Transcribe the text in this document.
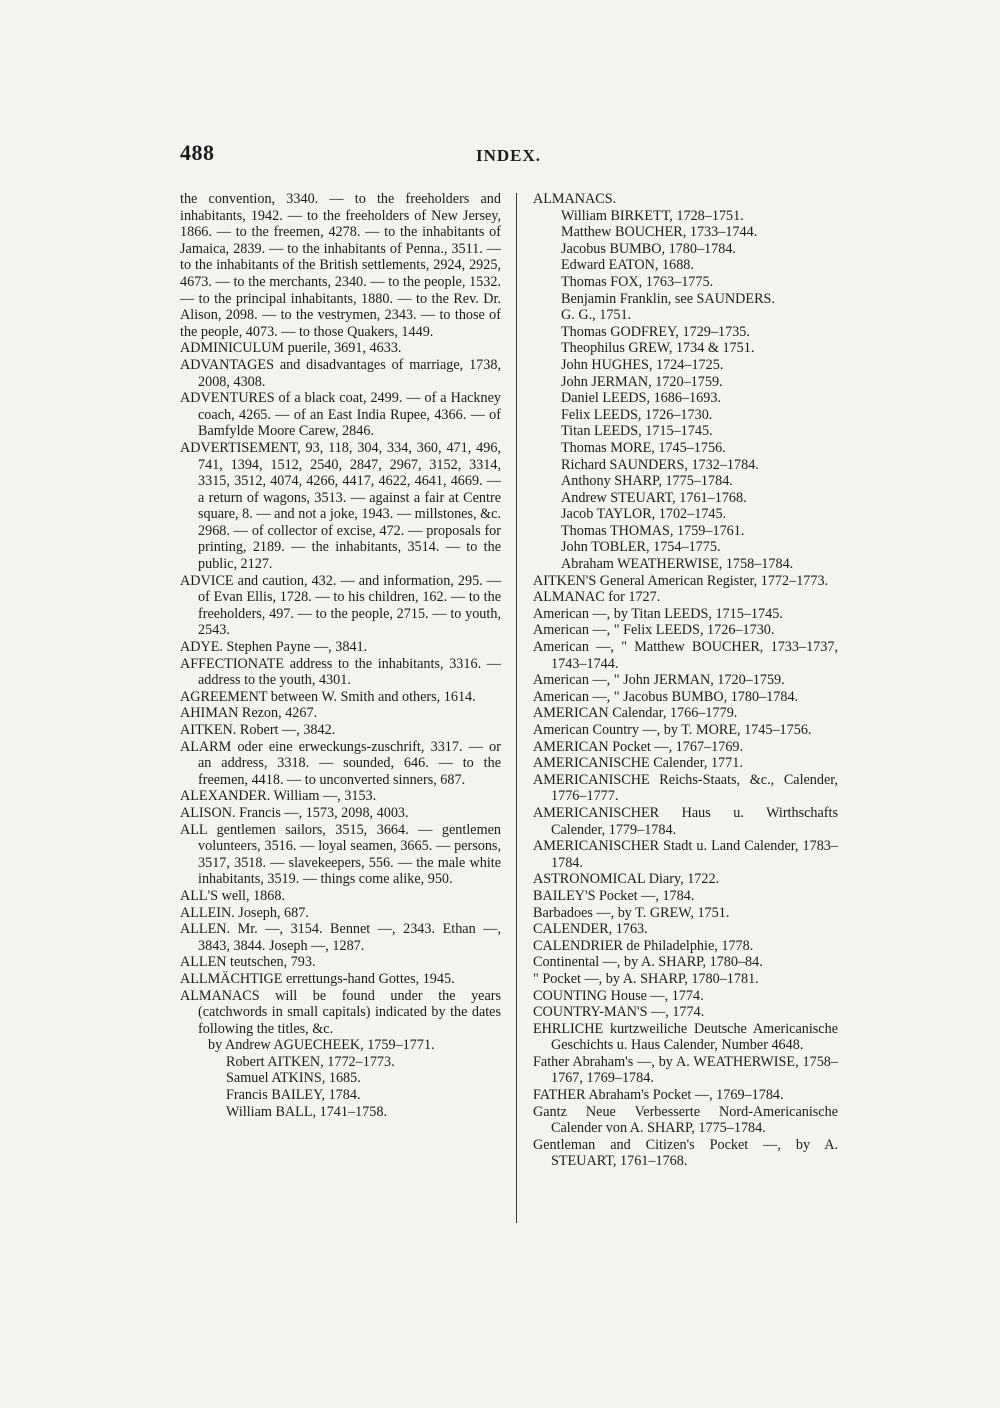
488	INDEX.

the convention, 3340. — to the freeholders and inhabitants, 1942. — to the freeholders of New Jersey, 1866. — to the freemen, 4278. — to the inhabitants of Jamaica, 2839. — to the inhabitants of Penna., 3511. — to the inhabitants of the British settlements, 2924, 2925, 4673. — to the merchants, 2340. — to the people, 1532. — to the principal inhabitants, 1880. — to the Rev. Dr. Alison, 2098. — to the vestrymen, 2343. — to those of the people, 4073. — to those Quakers, 1449.

ADMINICULUM puerile, 3691, 4633.

ADVANTAGES and disadvantages of marriage, 1738, 2008, 4308.

ADVENTURES of a black coat, 2499. — of a Hackney coach, 4265. — of an East India Rupee, 4366. — of Bamfylde Moore Carew, 2846.

ADVERTISEMENT, 93, 118, 304, 334, 360, 471, 496, 741, 1394, 1512, 2540, 2847, 2967, 3152, 3314, 3315, 3512, 4074, 4266, 4417, 4622, 4641, 4669. — a return of wagons, 3513. — against a fair at Centre square, 8. — and not a joke, 1943. — millstones, &c. 2968. — of collector of excise, 472. — proposals for printing, 2189. — the inhabitants, 3514. — to the public, 2127.

ADVICE and caution, 432. — and information, 295. — of Evan Ellis, 1728. — to his children, 162. — to the freeholders, 497. — to the people, 2715. — to youth, 2543.

ADYE. Stephen Payne —, 3841.

AFFECTIONATE address to the inhabitants, 3316. — address to the youth, 4301.

AGREEMENT between W. Smith and others, 1614.

AHIMAN Rezon, 4267.

AITKEN. Robert —, 3842.

ALARM oder eine erweckungs-zuschrift, 3317. — or an address, 3318. — sounded, 646. — to the freemen, 4418. — to unconverted sinners, 687.

ALEXANDER. William —, 3153.

ALISON. Francis —, 1573, 2098, 4003.

ALL gentlemen sailors, 3515, 3664. — gentlemen volunteers, 3516. — loyal seamen, 3665. — persons, 3517, 3518. — slavekeepers, 556. — the male white inhabitants, 3519. — things come alike, 950.

ALL'S well, 1868.

ALLEIN. Joseph, 687.

ALLEN. Mr. —, 3154. Bennet —, 2343. Ethan —, 3843, 3844. Joseph —, 1287.

ALLEN teutschen, 793.

ALLMÄCHTIGE errettungs-hand Gottes, 1945.

ALMANACS will be found under the years (catchwords in small capitals) indicated by the dates following the titles, &c.

by Andrew AGUECHEEK, 1759–1771.

Robert AITKEN, 1772–1773.

Samuel ATKINS, 1685.

Francis BAILEY, 1784.

William BALL, 1741–1758.

ALMANACS.

William BIRKETT, 1728–1751.

Matthew BOUCHER, 1733–1744.

Jacobus BUMBO, 1780–1784.

Edward EATON, 1688.

Thomas FOX, 1763–1775.

Benjamin Franklin, see SAUNDERS.

G. G., 1751.

Thomas GODFREY, 1729–1735.

Theophilus GREW, 1734 & 1751.

John HUGHES, 1724–1725.

John JERMAN, 1720–1759.

Daniel LEEDS, 1686–1693.

Felix LEEDS, 1726–1730.

Titan LEEDS, 1715–1745.

Thomas MORE, 1745–1756.

Richard SAUNDERS, 1732–1784.

Anthony SHARP, 1775–1784.

Andrew STEUART, 1761–1768.

Jacob TAYLOR, 1702–1745.

Thomas THOMAS, 1759–1761.

John TOBLER, 1754–1775.

Abraham WEATHERWISE, 1758–1784.

AITKEN'S General American Register, 1772–1773.

ALMANAC for 1727.

American —, by Titan LEEDS, 1715–1745.

American —, " Felix LEEDS, 1726–1730.

American —, " Matthew BOUCHER, 1733–1737, 1743–1744.

American —, " John JERMAN, 1720–1759.

American —, " Jacobus BUMBO, 1780–1784.

AMERICAN Calendar, 1766–1779.

American Country —, by T. MORE, 1745–1756.

AMERICAN Pocket —, 1767–1769.

AMERICANISCHE Calender, 1771.

AMERICANISCHE Reichs-Staats, &c., Calender, 1776–1777.

AMERICANISCHER Haus u. Wirthschafts Calender, 1779–1784.

AMERICANISCHER Stadt u. Land Calender, 1783–1784.

ASTRONOMICAL Diary, 1722.

BAILEY'S Pocket —, 1784.

Barbadoes —, by T. GREW, 1751.

CALENDER, 1763.

CALENDRIER de Philadelphie, 1778.

Continental —, by A. SHARP, 1780–84.

" Pocket —, by A. SHARP, 1780–1781.

COUNTING House —, 1774.

COUNTRY-MAN'S —, 1774.

EHRLICHE kurtzweiliche Deutsche Americanische Geschichts u. Haus Calender, Number 4648.

Father Abraham's —, by A. WEATHERWISE, 1758–1767, 1769–1784.

FATHER Abraham's Pocket —, 1769–1784.

Gantz Neue Verbesserte Nord-Americanische Calender von A. SHARP, 1775–1784.

Gentleman and Citizen's Pocket —, by A. STEUART, 1761–1768.
